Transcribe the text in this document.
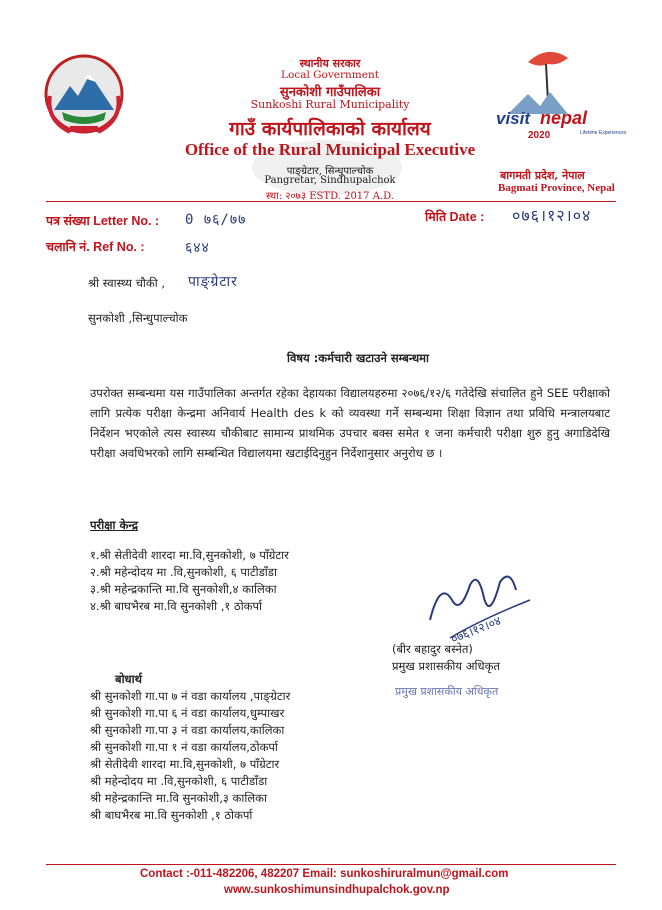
visit nepal
2020	Lifetime Experiences
स्थानीय सरकार
Local Government
सुनकोशी गाउँपालिका
Sunkoshi Rural Municipality
गाउँ कार्यपालिकाको कार्यालय
Office of the Rural Municipal Executive
पाङ्ग्रेटार, सिन्धुपाल्चोक
Pangretar, Sindhupalchok
स्था: २०७३ ESTD. 2017 A.D.
बागमती प्रदेश, नेपाल
Bagmati Province, Nepal
पत्र संख्या Letter No. : 0 ७६/७७
चलानि नं. Ref No. :	६४४
मिति Date : ०७६।१२।०४
श्री स्वास्थ्य चौकी , पाङ्ग्रेटार
सुनकोशी ,सिन्धुपाल्चोक
विषय :कर्मचारी खटाउने सम्बन्धमा
उपरोक्त सम्बन्धमा यस गाउँपालिका अन्तर्गत रहेका देहायका विद्यालयहरुमा २०७६/१२/६ गतेदेखि संचालित हुने SEE परीक्षाको लागि प्रत्येक परीक्षा केन्द्रमा अनिवार्य Health des k को व्यवस्था गर्ने सम्बन्धमा शिक्षा विज्ञान तथा प्रविधि मन्त्रालयबाट निर्देशन भएकोले त्यस स्वास्थ्य चौकीबाट सामान्य प्राथमिक उपचार बक्स समेत १ जना कर्मचारी परीक्षा शुरु हुनु अगाडिदेखि परीक्षा अवधिभरको लागि सम्बन्धित विद्यालयमा खटाईदिनुहुन निर्देशानुसार अनुरोध छ ।
परीक्षा केन्द्र
१.श्री सेतीदेवी शारदा मा.वि,सुनकोशी, ७ पाँग्रेटार
२.श्री महेन्दोदय मा .वि,सुनकोशी, ६ पाटीडाँडा
३.श्री महेन्द्रकान्ति मा.वि सुनकोशी,४ कालिका
४.श्री बाघभैरब मा.वि सुनकोशी ,१ ठोकर्पा
०७६।१२।०४
(बीर बहादुर बस्नेत)
प्रमुख प्रशासकीय अधिकृत
प्रमुख प्रशासकीय अधिकृत
बोधार्थ
श्री सुनकोशी गा.पा ७ नं वडा कार्यालय ,पाङ्ग्रेटार
श्री सुनकोशी गा.पा ६ नं वडा कार्यालय,धुम्पाखर
श्री सुनकोशी गा.पा ३ नं वडा कार्यालय,कालिका
श्री सुनकोशी गा.पा १ नं वडा कार्यालय,ठोकर्पा
श्री सेतीदेवी शारदा मा.वि,सुनकोशी, ७ पाँग्रेटार
श्री महेन्दोदय मा .वि,सुनकोशी, ६ पाटीडाँडा
श्री महेन्द्रकान्ति मा.वि सुनकोशी,३ कालिका
श्री बाघभैरब मा.वि सुनकोशी ,१ ठोकर्पा
Contact :-011-482206, 482207 Email: sunkoshiruralmun@gmail.com
www.sunkoshimunsindhupalchok.gov.np
